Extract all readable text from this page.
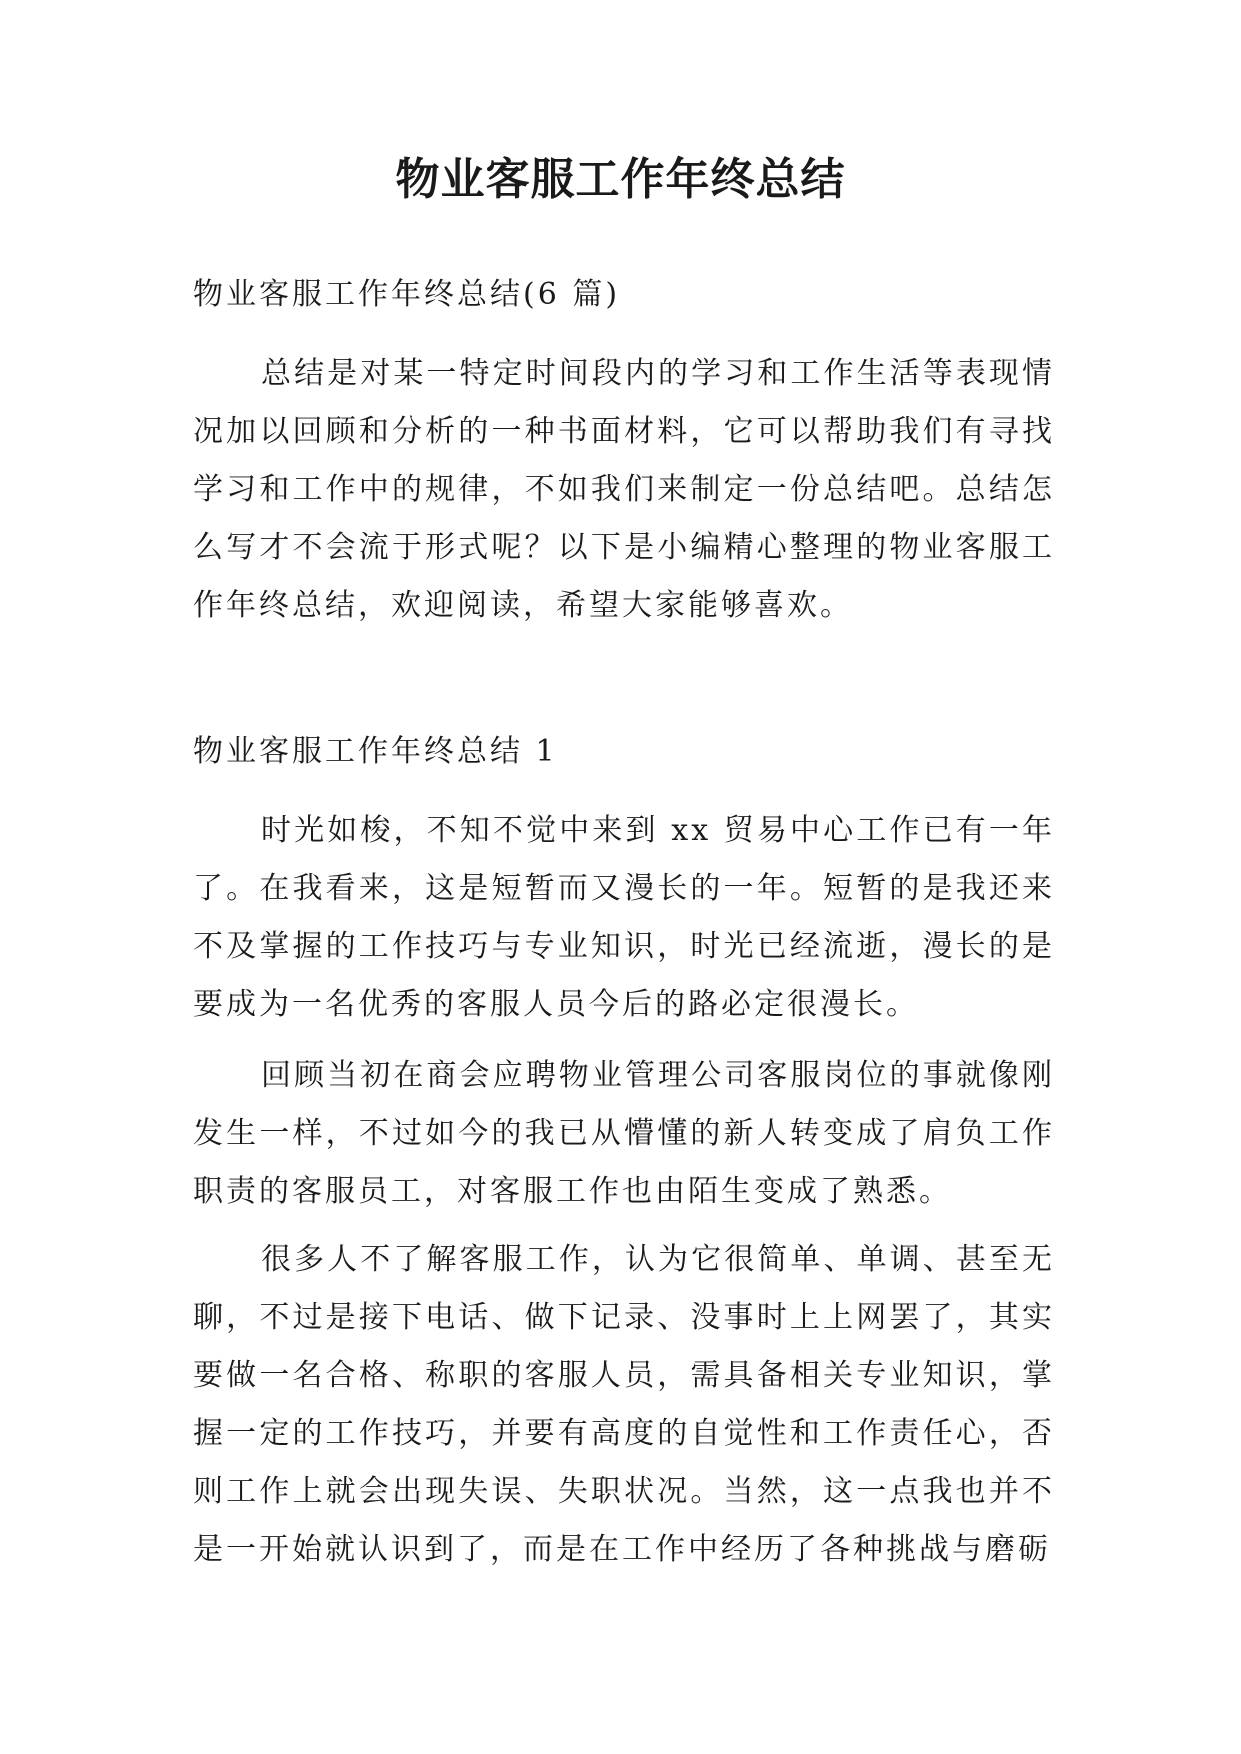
物业客服工作年终总结

物业客服工作年终总结(6 篇)

总结是对某一特定时间段内的学习和工作生活等表现情况加以回顾和分析的一种书面材料，它可以帮助我们有寻找学习和工作中的规律，不如我们来制定一份总结吧。总结怎么写才不会流于形式呢？以下是小编精心整理的物业客服工作年终总结，欢迎阅读，希望大家能够喜欢。

物业客服工作年终总结 1

时光如梭，不知不觉中来到 xx 贸易中心工作已有一年了。在我看来，这是短暂而又漫长的一年。短暂的是我还来不及掌握的工作技巧与专业知识，时光已经流逝，漫长的是要成为一名优秀的客服人员今后的路必定很漫长。

回顾当初在商会应聘物业管理公司客服岗位的事就像刚发生一样，不过如今的我已从懵懂的新人转变成了肩负工作职责的客服员工，对客服工作也由陌生变成了熟悉。

很多人不了解客服工作，认为它很简单、单调、甚至无聊，不过是接下电话、做下记录、没事时上上网罢了，其实要做一名合格、称职的客服人员，需具备相关专业知识，掌握一定的工作技巧，并要有高度的自觉性和工作责任心，否则工作上就会出现失误、失职状况。当然，这一点我也并不是一开始就认识到了，而是在工作中经历了各种挑战与磨砺
